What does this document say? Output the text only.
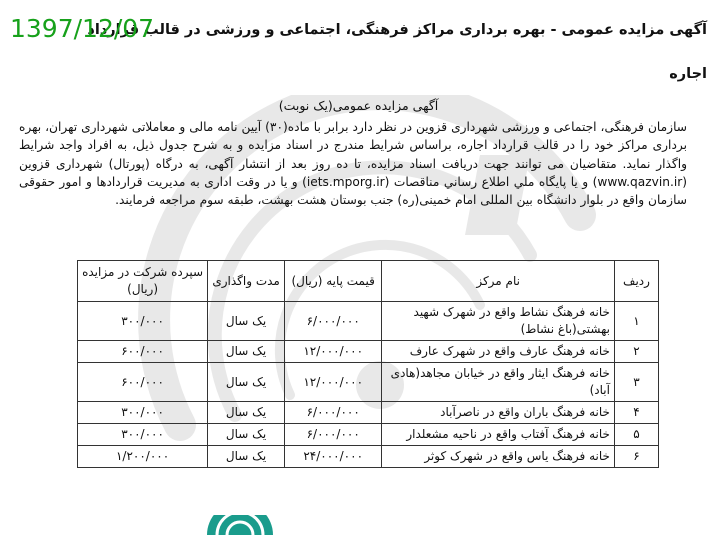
1397/12/07
آگهی مزایده عمومی - بهره برداری مراکز فرهنگی، اجتماعی و ورزشی در قالب قرارداد اجاره
آگهی مزایده عمومی(یک نوبت)
سازمان فرهنگی، اجتماعی و ورزشی شهرداری قزوین در نظر دارد برابر با ماده(۳۰) آیین نامه مالی و معاملاتی شهرداری تهران، بهره برداری مراکز خود را در قالب قرارداد اجاره، براساس شرایط مندرج در اسناد مزایده و به شرح جدول ذیل، به افراد واجد شرایط واگذار نماید. متقاضیان می توانند جهت دریافت اسناد مزایده، تا ده روز بعد از انتشار آگهی، به درگاه (پورتال) شهرداری قزوین (www.qazvin.ir) و یا پایگاه ملي اطلاع رساني مناقصات (iets.mporg.ir) و یا در وقت اداری به مدیریت قراردادها و امور حقوقی سازمان واقع در بلوار دانشگاه بین المللی امام خمینی(ره) جنب بوستان هشت بهشت، طبقه سوم مراجعه فرمایند.
ردیف	نام مرکز	قیمت پایه (ریال)	مدت واگذاری	سپرده شرکت در مزایده (ریال)
۱	خانه فرهنگ نشاط واقع در شهرک شهید بهشتی(باغ نشاط)	۶/۰۰۰/۰۰۰	یک سال	۳۰۰/۰۰۰
۲	خانه فرهنگ عارف واقع در شهرک عارف	۱۲/۰۰۰/۰۰۰	یک سال	۶۰۰/۰۰۰
۳	خانه فرهنگ ایثار واقع در خیابان مجاهد(هادی آباد)	۱۲/۰۰۰/۰۰۰	یک سال	۶۰۰/۰۰۰
۴	خانه فرهنگ باران واقع در ناصرآباد	۶/۰۰۰/۰۰۰	یک سال	۳۰۰/۰۰۰
۵	خانه فرهنگ آفتاب واقع در ناحیه مشعلدار	۶/۰۰۰/۰۰۰	یک سال	۳۰۰/۰۰۰
۶	خانه فرهنگ یاس واقع در شهرک کوثر	۲۴/۰۰۰/۰۰۰	یک سال	۱/۲۰۰/۰۰۰
